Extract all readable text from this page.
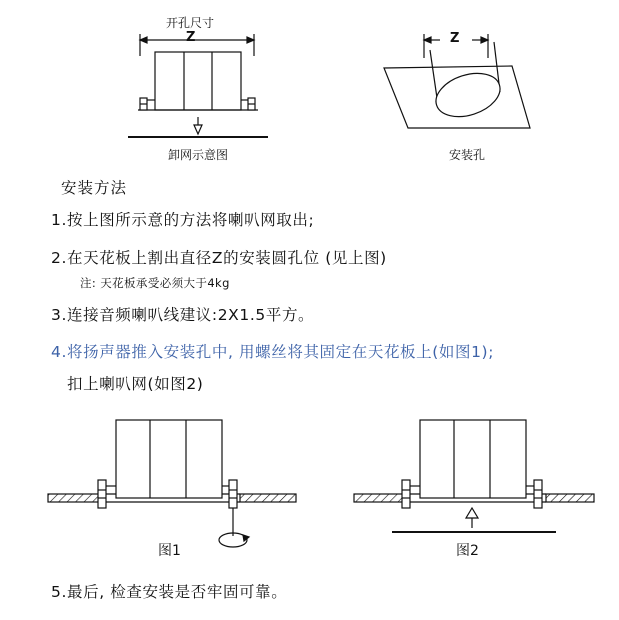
开孔尺寸
Z
卸网示意图
Z
安装孔
安装方法
1.按上图所示意的方法将喇叭网取出;
2.在天花板上割出直径Z的安装圆孔位 (见上图)
注: 天花板承受必须大于4kg
3.连接音频喇叭线建议:2X1.5平方。
4.将扬声器推入安装孔中, 用螺丝将其固定在天花板上(如图1);
扣上喇叭网(如图2)
图1	图2
5.最后, 检查安装是否牢固可靠。
